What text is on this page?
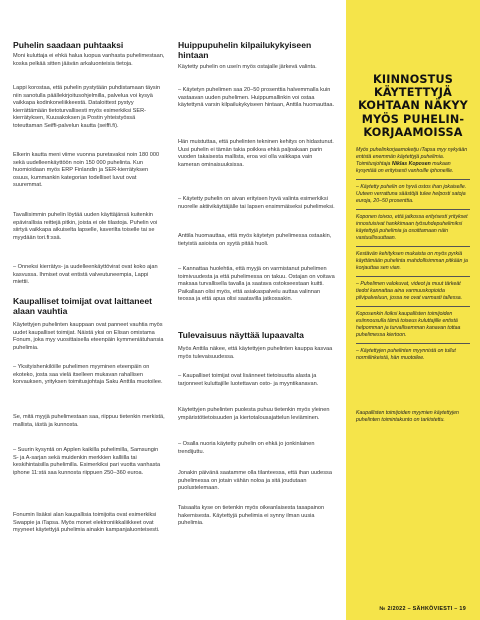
Puhelin saadaan puhtaaksi

Moni kuluttaja ei ehkä halua luopua vanhasta puhelimestaan, koska pelkää sitten jäävän arkaluonteisia tietoja.

Lappi korostaa, että puhelin pystytään puhdistamaan täysin niin sanotulla päällekirjoitusohjelmilla, palvelua voi kysyä vaikkapa kodinkoneliikkeestä. Dataloittest pystyy kierrättämään tietoturvallisesti myös esimerkiksi SER-kierrätyksen, Kuusakoksen ja Postin yhteistyössä toteuttaman Seiffi-palvelun kautta (seiffi.fi).

Elkerin kautta meni viime vuonna puretavaksi noin 180 000 sekä uudelleenkäyttöön noin 150 000 puhelinta. Kun huomioidaan myös ERP Finlandin ja SER-kierrätyksen osuus, kummankin kategorian todelliset luvut ovat suuremmat.

Tavallisimmin puhelin löytää uuden käyttäjänsä kuitenkin epävirallisia reittejä pitkin, joista ei ole tilastoja. Puhelin voi siirtyä vaikkapa aikuiselta lapselle, kaverilta toiselle tai se myydään tori.fi:ssä.

– Onneksi kierrätys- ja uudelleenkäyttövirat ovat koko ajan kasvussa. Ihmiset ovat entistä valveutuneempia, Lappi miettii.

Kaupalliset toimijat ovat laittaneet alaan vauhtia

Käytettyjen puhelinten kauppaan ovat panneet vauhtia myös uudet kaupalliset toimijat. Näistä yksi on Elisan omistama Fonum, joka myy vuosittaisella eteenpäin kymmeniätuhansia puhelimia.

– Yksityishenkilöille puhelimen myyminen eteenpäin on ekoteko, josta saa vielä itselleen mukavan rahallisen korvauksen, yrityksen toimitusjohtaja Saku Anttila muotoilee.

Se, mitä myyjä puhelimestaan saa, riippuu tietenkin merkistä, mallista, iästä ja kunnosta.

– Suurin kysyntä on Applen kaikilla puhelimilla, Samsungin S- ja A-sarjan sekä muidenkin merkkien kalliilla tai keskihintaisilla puhelimilla. Esimerkiksi pari vuotta vanhasta iphone 11:stä saa kunnosta riippuen 250–360 euroa.

Fonumin lisäksi alan kaupallisia toimijoita ovat esimerkiksi Swappie ja iTapsa. Myös monet elektroniikkaliikkeet ovat myyneet käytettyjä puhelimia ainakin kampanjaluonteisesti.

Huippupuhelin kilpailukykyiseen hintaan

Käytetty puhelin on useín myös ostajalle järkevä valinta.

– Käytetyn puhelimen saa 20–50 prosenttia halvemmalla kuin vastaavan uuden puhelimen. Huippumallinkin voi ostaa käytettynä varsin kilpailukykyiseen hintaan, Anttila huomauttaa.

Hän muistuttaa, että puhelinten tekninen kehitys on hidastunut. Uusi puhelin ei tämän takia poikkea ehkä paljoakaan parin vuoden takaisesta mallista, eroa voi olla vaikkapa vain kameran ominaisuuksissa.

– Käytetty puhelin on aivan erityisen hyvä valinta esimerkiksi nuorelle aktiivikäyttäjälle tai lapsen ensimmäiseksi puhelimeksi.

Anttila huomauttaa, että myös käytetyn puhelimessa ostaakin, tietyistä asioista on syytä pitää huoli.

– Kannattaa huolehtia, että myyjä on varmistanut puhelimen toimivuudesta ja että puhelimessa on takuu. Ostajan on voitava maksaa turvallisella tavalla ja saatava ostokseestaan kuitti. Paikallaan olisi myös, että asiakaspalvelu auttaa valinnan teossa ja että apua olisi saatavilla jatkossakin.

Tulevaisuus näyttää lupaavalta

Myös Anttila näkee, että käytettyjen puhelinten kauppa kasvaa myös tulevaisuudessa.

– Kaupalliset toimijat ovat lisänneet tietoisuutta alasta ja tarjonneet kuluttajille luotettavan osto- ja myyntikanavan.

Käytettyjen puhelinten puolesta puhuu tietenkin myös yleinen ympäristötietoisuuden ja kiertotalousajattelun leviäminen.

– Osalla nuoria käytetty puhelin on ehkä jo jonkinlainen trendijuttu.

Jonakin päivänä saatamme olla tilanteessa, että ihan uudessa puhelimessa on jotain vähän noloa ja sitä joudutaan puolustelemaan.

Taisaalta kyse on tietenkin myös oikeanlaisesta tasapainon hakemisesta. Käytettyjä puhelimia ei synny ilman uusia puhelimia.

KIINNOSTUS KÄYTETTYJÄ KOHTAAN NÄKYY MYÖS PUHELIN-KORJAAMOISSA

Myös puhelinkorjaamoketju iTapsa myy nykyään entistä enemmän käytettyjä puhelimia. Toimitusjohtaja Niklas Koposen mukaan kysyntää on erityisesti vanhoille iphoneille.

– Käytetty puhelin on hyvä ostos ihan jokaiselle. Uuteen verrattuna säästöjä tulee helposti satoja euroja, 20–50 prosenttia.

Koponen toivoo, että jatkossa erityisesti yritykset innostuisivat hankkimaan työsuhdepuhelimiksi käytettyjä puhelimia ja osoittamaan näin vastuullisuuttaan.

Kestävän kehityksen mukaista on myös pyrkiä käyttämään puhelinta mahdollisimman pitkään ja korjauttaa sen vian.

– Puhelimen valokuvat, videot ja muut tärkeät tiedot kannattaa aina varmuuskopioida pilvipalveluun, jossa ne ovat varmasti tallessa.

Koposenkin iloiksi kaupallisten toimijoiden esiinnousulla tämä toiseus kuluttajille entistä helpomman ja turvallisemman kanavan tottaa puhelimessa kiertoon.

– Käytettyjen puhelinten myynnistä on tullut normilinkeistä, hän muotoilee.

Kaupallisten toimijoiden myymien käytettyjen puhelinten toimintakunto on tarkistettu.

№ 2/2022 – SÄHKÖVIESTI – 19
